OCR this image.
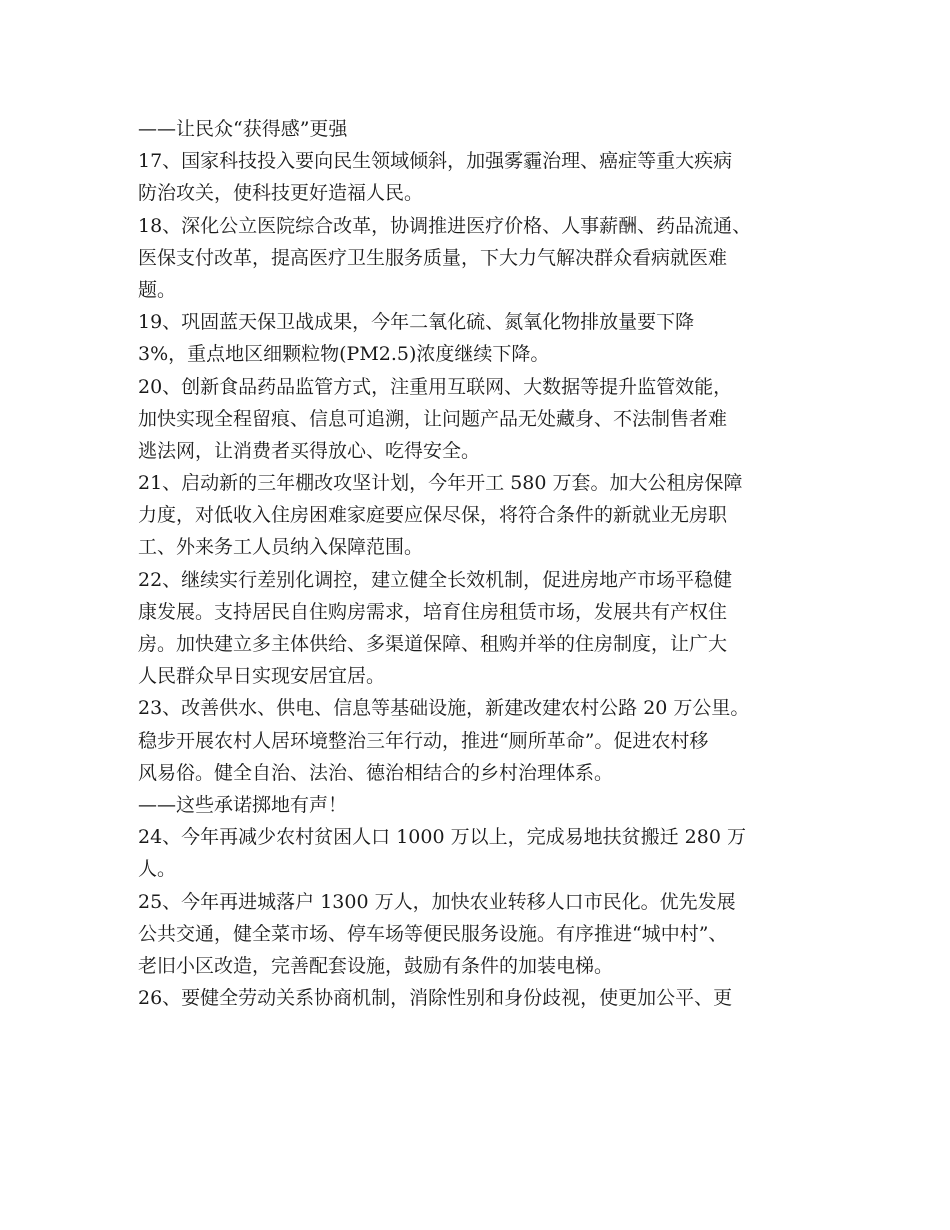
——让民众“获得感”更强
17、国家科技投入要向民生领域倾斜，加强雾霾治理、癌症等重大疾病
防治攻关，使科技更好造福人民。
18、深化公立医院综合改革，协调推进医疗价格、人事薪酬、药品流通、
医保支付改革，提高医疗卫生服务质量，下大力气解决群众看病就医难
题。
19、巩固蓝天保卫战成果，今年二氧化硫、氮氧化物排放量要下降
3%，重点地区细颗粒物(PM2.5)浓度继续下降。
20、创新食品药品监管方式，注重用互联网、大数据等提升监管效能，
加快实现全程留痕、信息可追溯，让问题产品无处藏身、不法制售者难
逃法网，让消费者买得放心、吃得安全。
21、启动新的三年棚改攻坚计划，今年开工 580 万套。加大公租房保障
力度，对低收入住房困难家庭要应保尽保，将符合条件的新就业无房职
工、外来务工人员纳入保障范围。
22、继续实行差别化调控，建立健全长效机制，促进房地产市场平稳健
康发展。支持居民自住购房需求，培育住房租赁市场，发展共有产权住
房。加快建立多主体供给、多渠道保障、租购并举的住房制度，让广大
人民群众早日实现安居宜居。
23、改善供水、供电、信息等基础设施，新建改建农村公路 20 万公里。
稳步开展农村人居环境整治三年行动，推进“厕所革命”。促进农村移
风易俗。健全自治、法治、德治相结合的乡村治理体系。
——这些承诺掷地有声！
24、今年再减少农村贫困人口 1000 万以上，完成易地扶贫搬迁 280 万
人。
25、今年再进城落户 1300 万人，加快农业转移人口市民化。优先发展
公共交通，健全菜市场、停车场等便民服务设施。有序推进“城中村”、
老旧小区改造，完善配套设施，鼓励有条件的加装电梯。
26、要健全劳动关系协商机制，消除性别和身份歧视，使更加公平、更
